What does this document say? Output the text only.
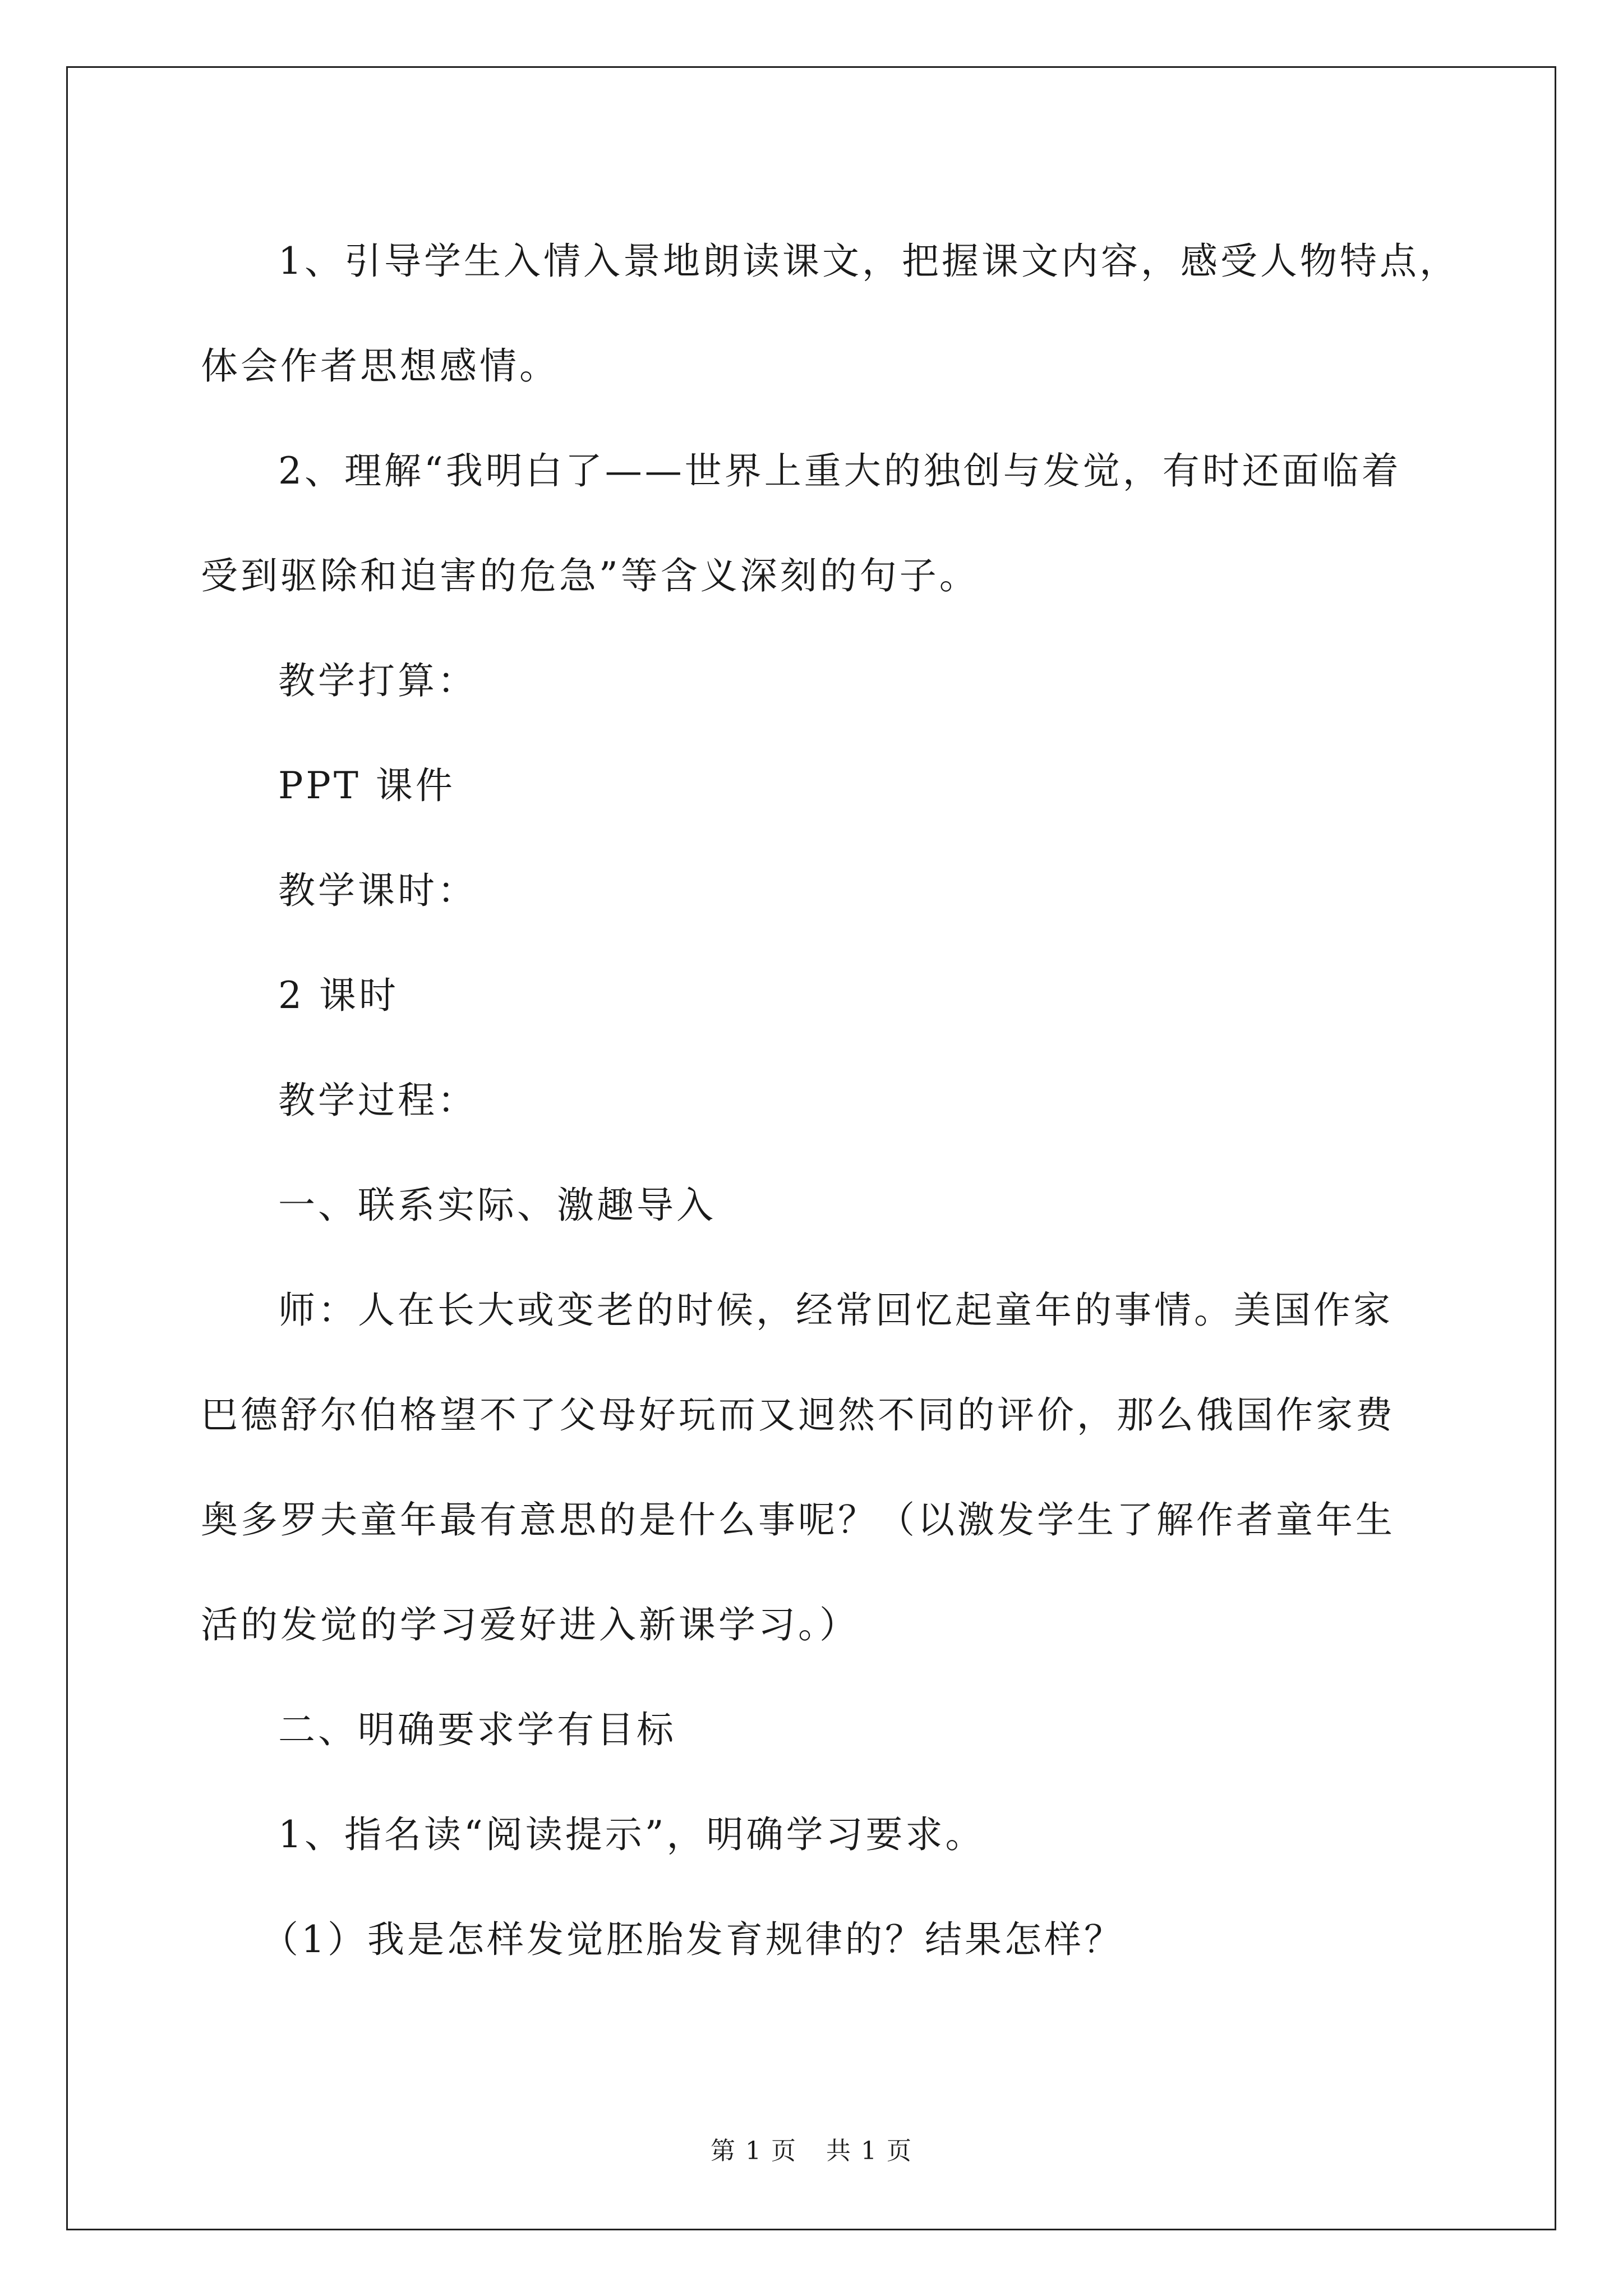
1、引导学生入情入景地朗读课文，把握课文内容，感受人物特点，

体会作者思想感情。

2、理解“我明白了——世界上重大的独创与发觉，有时还面临着

受到驱除和迫害的危急”等含义深刻的句子。

教学打算：

PPT 课件

教学课时：

2 课时

教学过程：

一、联系实际、激趣导入

师：人在长大或变老的时候，经常回忆起童年的事情。美国作家

巴德舒尔伯格望不了父母好玩而又迥然不同的评价，那么俄国作家费

奥多罗夫童年最有意思的是什么事呢？（以激发学生了解作者童年生

活的发觉的学习爱好进入新课学习。）

二、明确要求学有目标

1、指名读“阅读提示”，明确学习要求。

（1）我是怎样发觉胚胎发育规律的？结果怎样？

第 1 页 共 1 页
